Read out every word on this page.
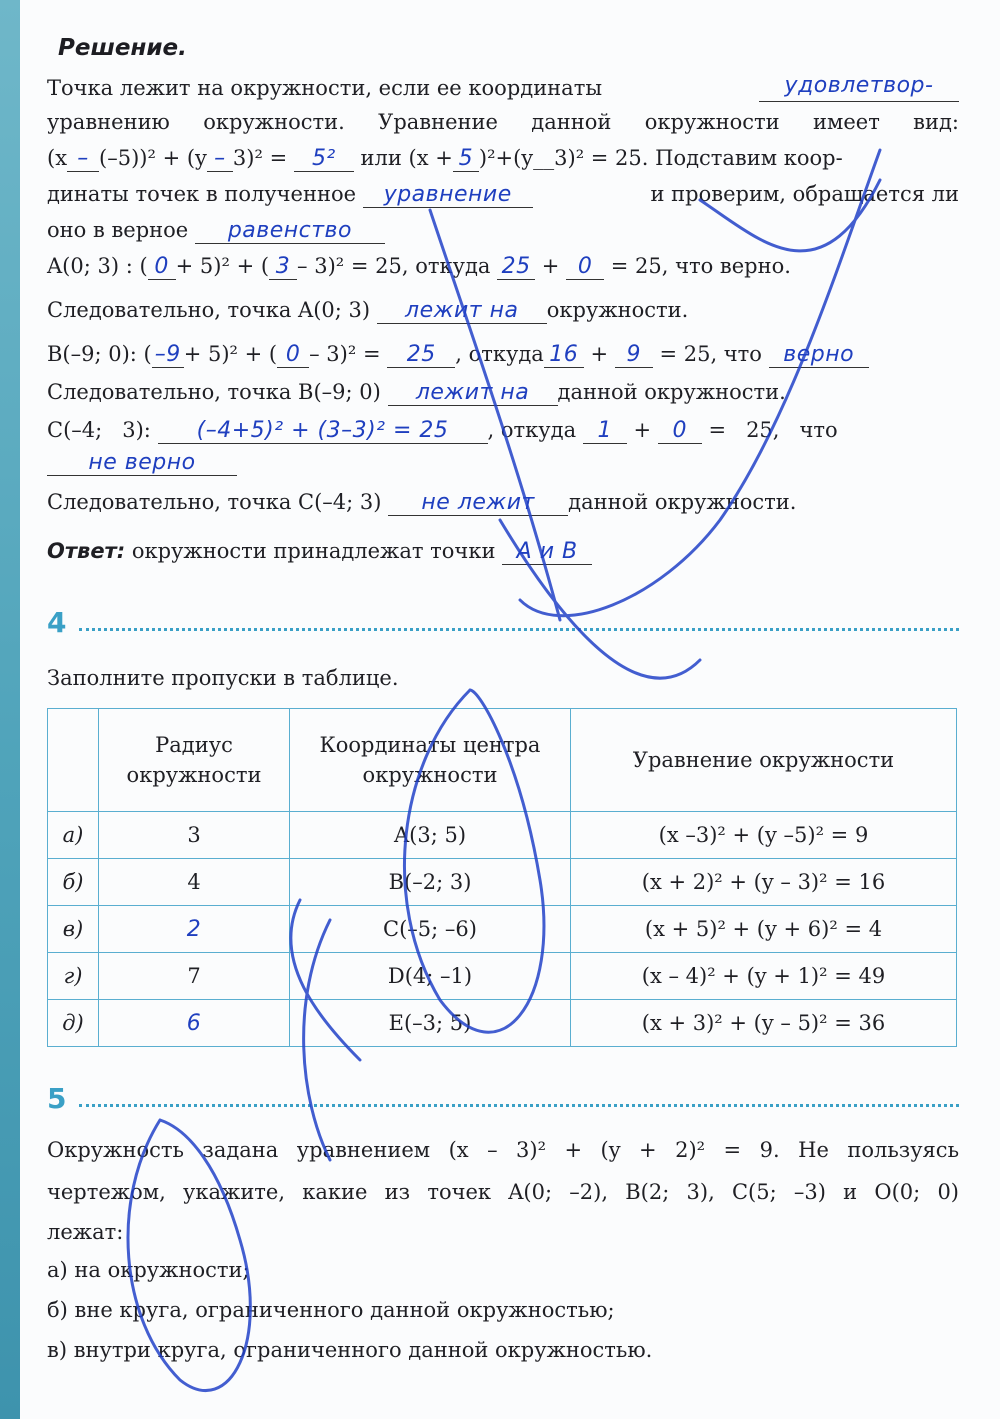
Решение.
Точка лежит на окружности, если ее координаты	удовлетвор-
уравнению окружности. Уравнение данной окружности имеет вид:
(x – (–5))² + (y – 3)² = 5² или (x + 5 )²+(y__3)² = 25. Подставим коор-
динаты точек в полученное уравнение	и проверим, обращается ли
оно в верное равенство
A(0; 3) : ( 0 + 5)² + ( 3 – 3)² = 25, откуда 25 + 0 = 25, что верно.
Следовательно, точка A(0; 3) лежит на окружности.
B(–9; 0): ( –9 + 5)² + ( 0 – 3)² = 25 , откуда 16 + 9 = 25, что верно
Следовательно, точка B(–9; 0) лежит на данной окружности.
C(–4;   3): (–4+5)² + (3–3)² = 25 , откуда 1 + 0 =   25,   что
не верно
Следовательно, точка C(–4; 3) не лежит данной окружности.
Ответ: окружности принадлежат точки А и В
4
Заполните пропуски в таблице.
	Радиус окружности	Координаты центра окружности	Уравнение окружности
а)	3	A(3; 5)	(x –3)² + (y –5)² = 9
б)	4	B(–2; 3)	(x + 2)² + (y – 3)² = 16
в)	2	C(–5; –6)	(x + 5)² + (y + 6)² = 4
г)	7	D(4; –1)	(x – 4)² + (y + 1)² = 49
д)	6	E(–3; 5)	(x + 3)² + (y – 5)² = 36
5
Окружность задана уравнением (x – 3)² + (y + 2)² = 9. Не пользуясь
чертежом, укажите, какие из точек A(0; –2), B(2; 3), C(5; –3) и O(0; 0)
лежат:
а) на окружности;
б) вне круга, ограниченного данной окружностью;
в) внутри круга, ограниченного данной окружностью.
